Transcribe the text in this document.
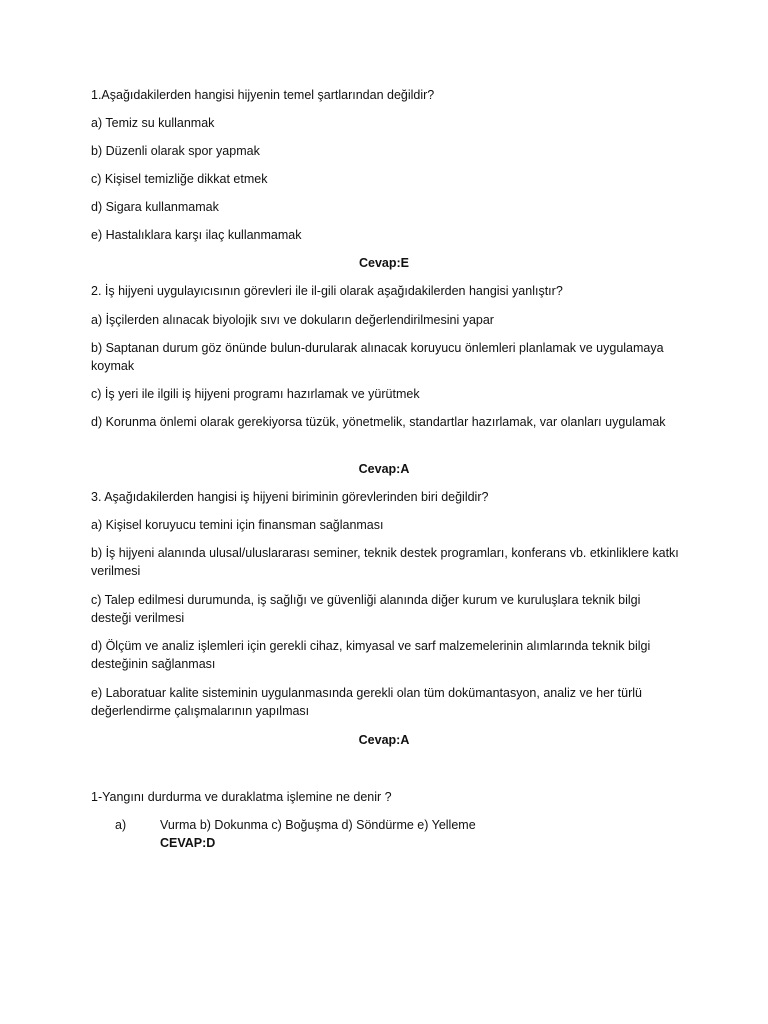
1.Aşağıdakilerden hangisi hijyenin temel şartlarından değildir?
a) Temiz su kullanmak
b) Düzenli olarak spor yapmak
c) Kişisel temizliğe dikkat etmek
d) Sigara kullanmamak
e) Hastalıklara karşı ilaç kullanmamak
Cevap:E
2. İş hijyeni uygulayıcısının görevleri ile il-gili olarak aşağıdakilerden hangisi yanlıştır?
a) İşçilerden alınacak biyolojik sıvı ve dokuların değerlendirilmesini yapar
b) Saptanan durum göz önünde bulun-durularak alınacak koruyucu önlemleri planlamak ve uygulamaya koymak
c) İş yeri ile ilgili iş hijyeni programı hazırlamak ve yürütmek
d) Korunma önlemi olarak gerekiyorsa tüzük, yönetmelik, standartlar hazırlamak, var olanları uygulamak
Cevap:A
3. Aşağıdakilerden hangisi iş hijyeni biriminin görevlerinden biri değildir?
a) Kişisel koruyucu temini için finansman sağlanması
b) İş hijyeni alanında ulusal/uluslararası seminer, teknik destek programları, konferans vb. etkinliklere katkı verilmesi
c) Talep edilmesi durumunda, iş sağlığı ve güvenliği alanında diğer kurum ve kuruluşlara teknik bilgi desteği verilmesi
d) Ölçüm ve analiz işlemleri için gerekli cihaz, kimyasal ve sarf malzemelerinin alımlarında teknik bilgi desteğinin sağlanması
e) Laboratuar kalite sisteminin uygulanmasında gerekli olan tüm dokümantasyon, analiz ve her türlü değerlendirme çalışmalarının yapılması
Cevap:A
1-Yangını durdurma ve duraklatma işlemine ne denir ?
a)	Vurma b) Dokunma c) Boğuşma d) Söndürme e) Yelleme
CEVAP:D
